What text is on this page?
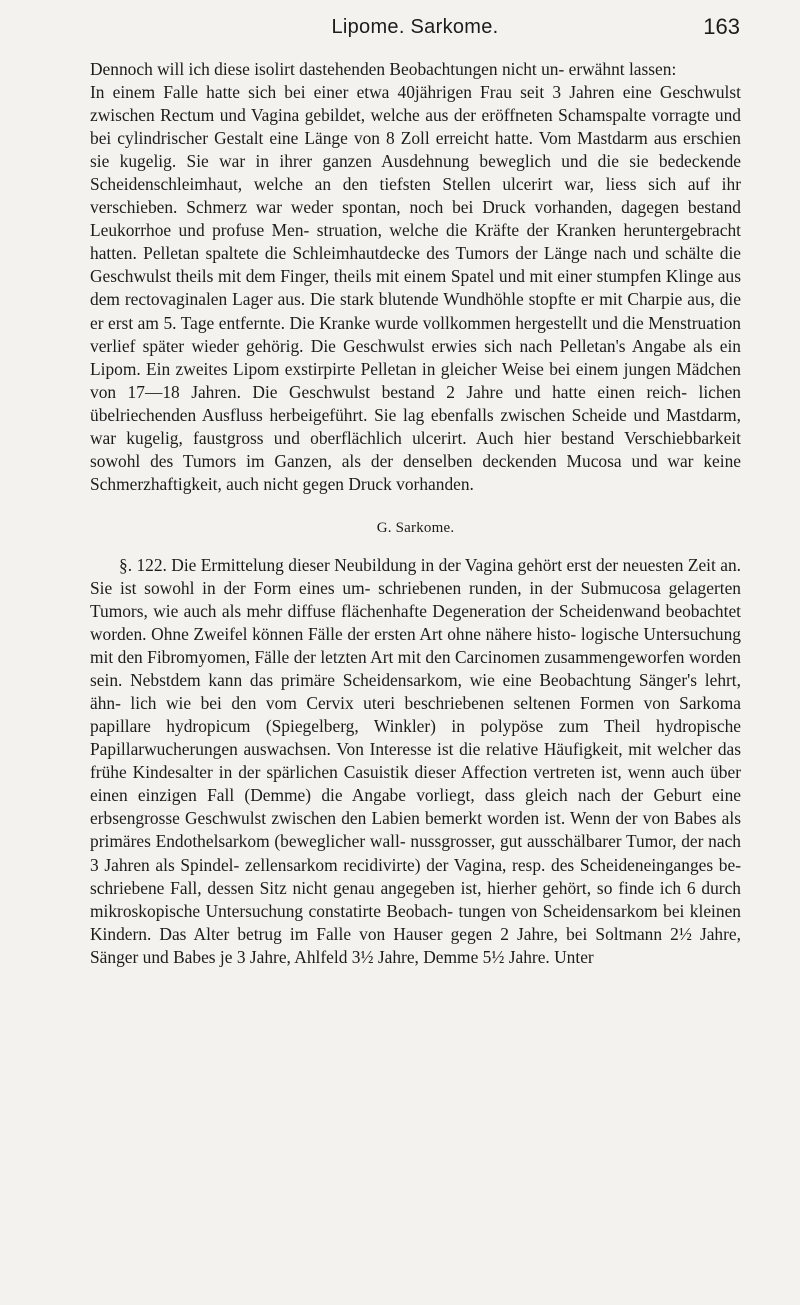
Lipome. Sarkome.	163

Dennoch will ich diese isolirt dastehenden Beobachtungen nicht un- erwähnt lassen:

In einem Falle hatte sich bei einer etwa 40jährigen Frau seit 3 Jahren eine Geschwulst zwischen Rectum und Vagina gebildet, welche aus der eröffneten Schamspalte vorragte und bei cylindrischer Gestalt eine Länge von 8 Zoll erreicht hatte. Vom Mastdarm aus erschien sie kugelig. Sie war in ihrer ganzen Ausdehnung beweglich und die sie bedeckende Scheidenschleimhaut, welche an den tiefsten Stellen ulcerirt war, liess sich auf ihr verschieben. Schmerz war weder spontan, noch bei Druck vorhanden, dagegen bestand Leukorrhoe und profuse Men- struation, welche die Kräfte der Kranken heruntergebracht hatten. Pelletan spaltete die Schleimhautdecke des Tumors der Länge nach und schälte die Geschwulst theils mit dem Finger, theils mit einem Spatel und mit einer stumpfen Klinge aus dem rectovaginalen Lager aus. Die stark blutende Wundhöhle stopfte er mit Charpie aus, die er erst am 5. Tage entfernte. Die Kranke wurde vollkommen hergestellt und die Menstruation verlief später wieder gehörig. Die Geschwulst erwies sich nach Pelletan's Angabe als ein Lipom. Ein zweites Lipom exstirpirte Pelletan in gleicher Weise bei einem jungen Mädchen von 17—18 Jahren. Die Geschwulst bestand 2 Jahre und hatte einen reich- lichen übelriechenden Ausfluss herbeigeführt. Sie lag ebenfalls zwischen Scheide und Mastdarm, war kugelig, faustgross und oberflächlich ulcerirt. Auch hier bestand Verschiebbarkeit sowohl des Tumors im Ganzen, als der denselben deckenden Mucosa und war keine Schmerzhaftigkeit, auch nicht gegen Druck vorhanden.

G. Sarkome.

§. 122. Die Ermittelung dieser Neubildung in der Vagina gehört erst der neuesten Zeit an. Sie ist sowohl in der Form eines um- schriebenen runden, in der Submucosa gelagerten Tumors, wie auch als mehr diffuse flächenhafte Degeneration der Scheidenwand beobachtet worden. Ohne Zweifel können Fälle der ersten Art ohne nähere histo- logische Untersuchung mit den Fibromyomen, Fälle der letzten Art mit den Carcinomen zusammengeworfen worden sein. Nebstdem kann das primäre Scheidensarkom, wie eine Beobachtung Sänger's lehrt, ähn- lich wie bei den vom Cervix uteri beschriebenen seltenen Formen von Sarkoma papillare hydropicum (Spiegelberg, Winkler) in polypöse zum Theil hydropische Papillarwucherungen auswachsen. Von Interesse ist die relative Häufigkeit, mit welcher das frühe Kindesalter in der spärlichen Casuistik dieser Affection vertreten ist, wenn auch über einen einzigen Fall (Demme) die Angabe vorliegt, dass gleich nach der Geburt eine erbsengrosse Geschwulst zwischen den Labien bemerkt worden ist. Wenn der von Babes als primäres Endothelsarkom (beweglicher wall- nussgrosser, gut ausschälbarer Tumor, der nach 3 Jahren als Spindel- zellensarkom recidivirte) der Vagina, resp. des Scheideneinganges be- schriebene Fall, dessen Sitz nicht genau angegeben ist, hierher gehört, so finde ich 6 durch mikroskopische Untersuchung constatirte Beobach- tungen von Scheidensarkom bei kleinen Kindern. Das Alter betrug im Falle von Hauser gegen 2 Jahre, bei Soltmann 2½ Jahre, Sänger und Babes je 3 Jahre, Ahlfeld 3½ Jahre, Demme 5½ Jahre. Unter
